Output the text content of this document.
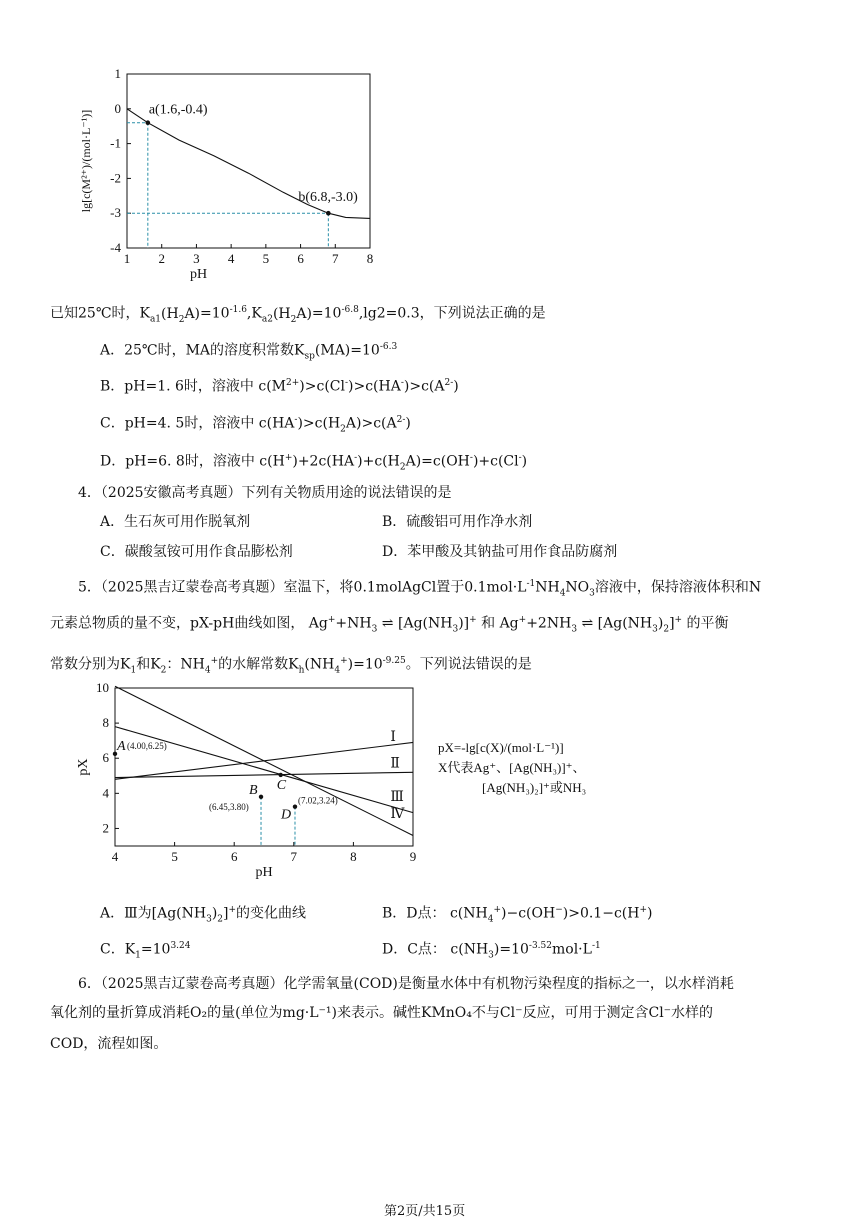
1 2 3 4 5 6 7 8
1
0
-1
-2
-3
-4
pH
lg[c(M²⁺)/(mol·L⁻¹)]	a(1.6,-0.4)
b(6.8,-3.0)
已知25℃时，$K_{a1}(H_2A)=10^{-1.6},K_{a2}(H_2A)=10^{-6.8},\lg 2=0.3$，下列说法正确的是
A．25℃时，MA的溶度积常数$K_{sp}(MA)=10^{-6.3}$
B．pH=1. 6时，溶液中 $c(M^{2+})>c(Cl^-)>c(HA^-)>c(A^{2-})$
C．pH=4. 5时，溶液中 $c(HA^-)>c(H_2A)>c(A^{2-})$
D．pH=6. 8时，溶液中 $c(H^+)+2c(HA^-)+c(H_2A)=c(OH^-)+c(Cl^-)$
4．（2025安徽高考真题）下列有关物质用途的说法错误的是
A．生石灰可用作脱氧剂	B．硫酸铝可用作净水剂
C．碳酸氢铵可用作食品膨松剂	D．苯甲酸及其钠盐可用作食品防腐剂
5．（2025黑吉辽蒙卷高考真题）室温下，将0.1molAgCl置于$0.1mol\cdot L^{-1}NH_4NO_3$溶液中，保持溶液体积和N
元素总物质的量不变，pX-pH曲线如图， $Ag^++NH_3$ ⇌ $[Ag(NH_3)]^+$ 和 $Ag^++2NH_3$ ⇌ $[Ag(NH_3)_2]^+$ 的平衡
常数分别为$K_1$和$K_2$：$NH_4^+$的水解常数$K_h(NH_4^+)=10^{-9.25}$。下列说法错误的是
4	5	6	7	8	9
10
8
6
4
2
pH
pX
Ⅰ
Ⅱ
Ⅲ
Ⅳ
A (4.00,6.25)
B
(6.45,3.80)
C
D
(7.02,3.24)
pX=-lg[c(X)/(mol·L⁻¹)]
X代表Ag⁺、[Ag(NH₃)]⁺、
[Ag(NH₃)₂]⁺或NH₃
A．Ⅲ为$[Ag(NH_3)_2]^+$的变化曲线	B．D点： $c(NH_4^+)-c(OH^-)>0.1-c(H^+)$
C．$K_1=10^{3.24}$	D．C点： $c(NH_3)=10^{-3.52}mol\cdot L^{-1}$
6．（2025黑吉辽蒙卷高考真题）化学需氧量(COD)是衡量水体中有机物污染程度的指标之一，以水样消耗
氧化剂的量折算成消耗O₂的量(单位为mg·L⁻¹)来表示。碱性KMnO₄不与Cl⁻反应，可用于测定含Cl⁻水样的
COD，流程如图。
第2页/共15页
